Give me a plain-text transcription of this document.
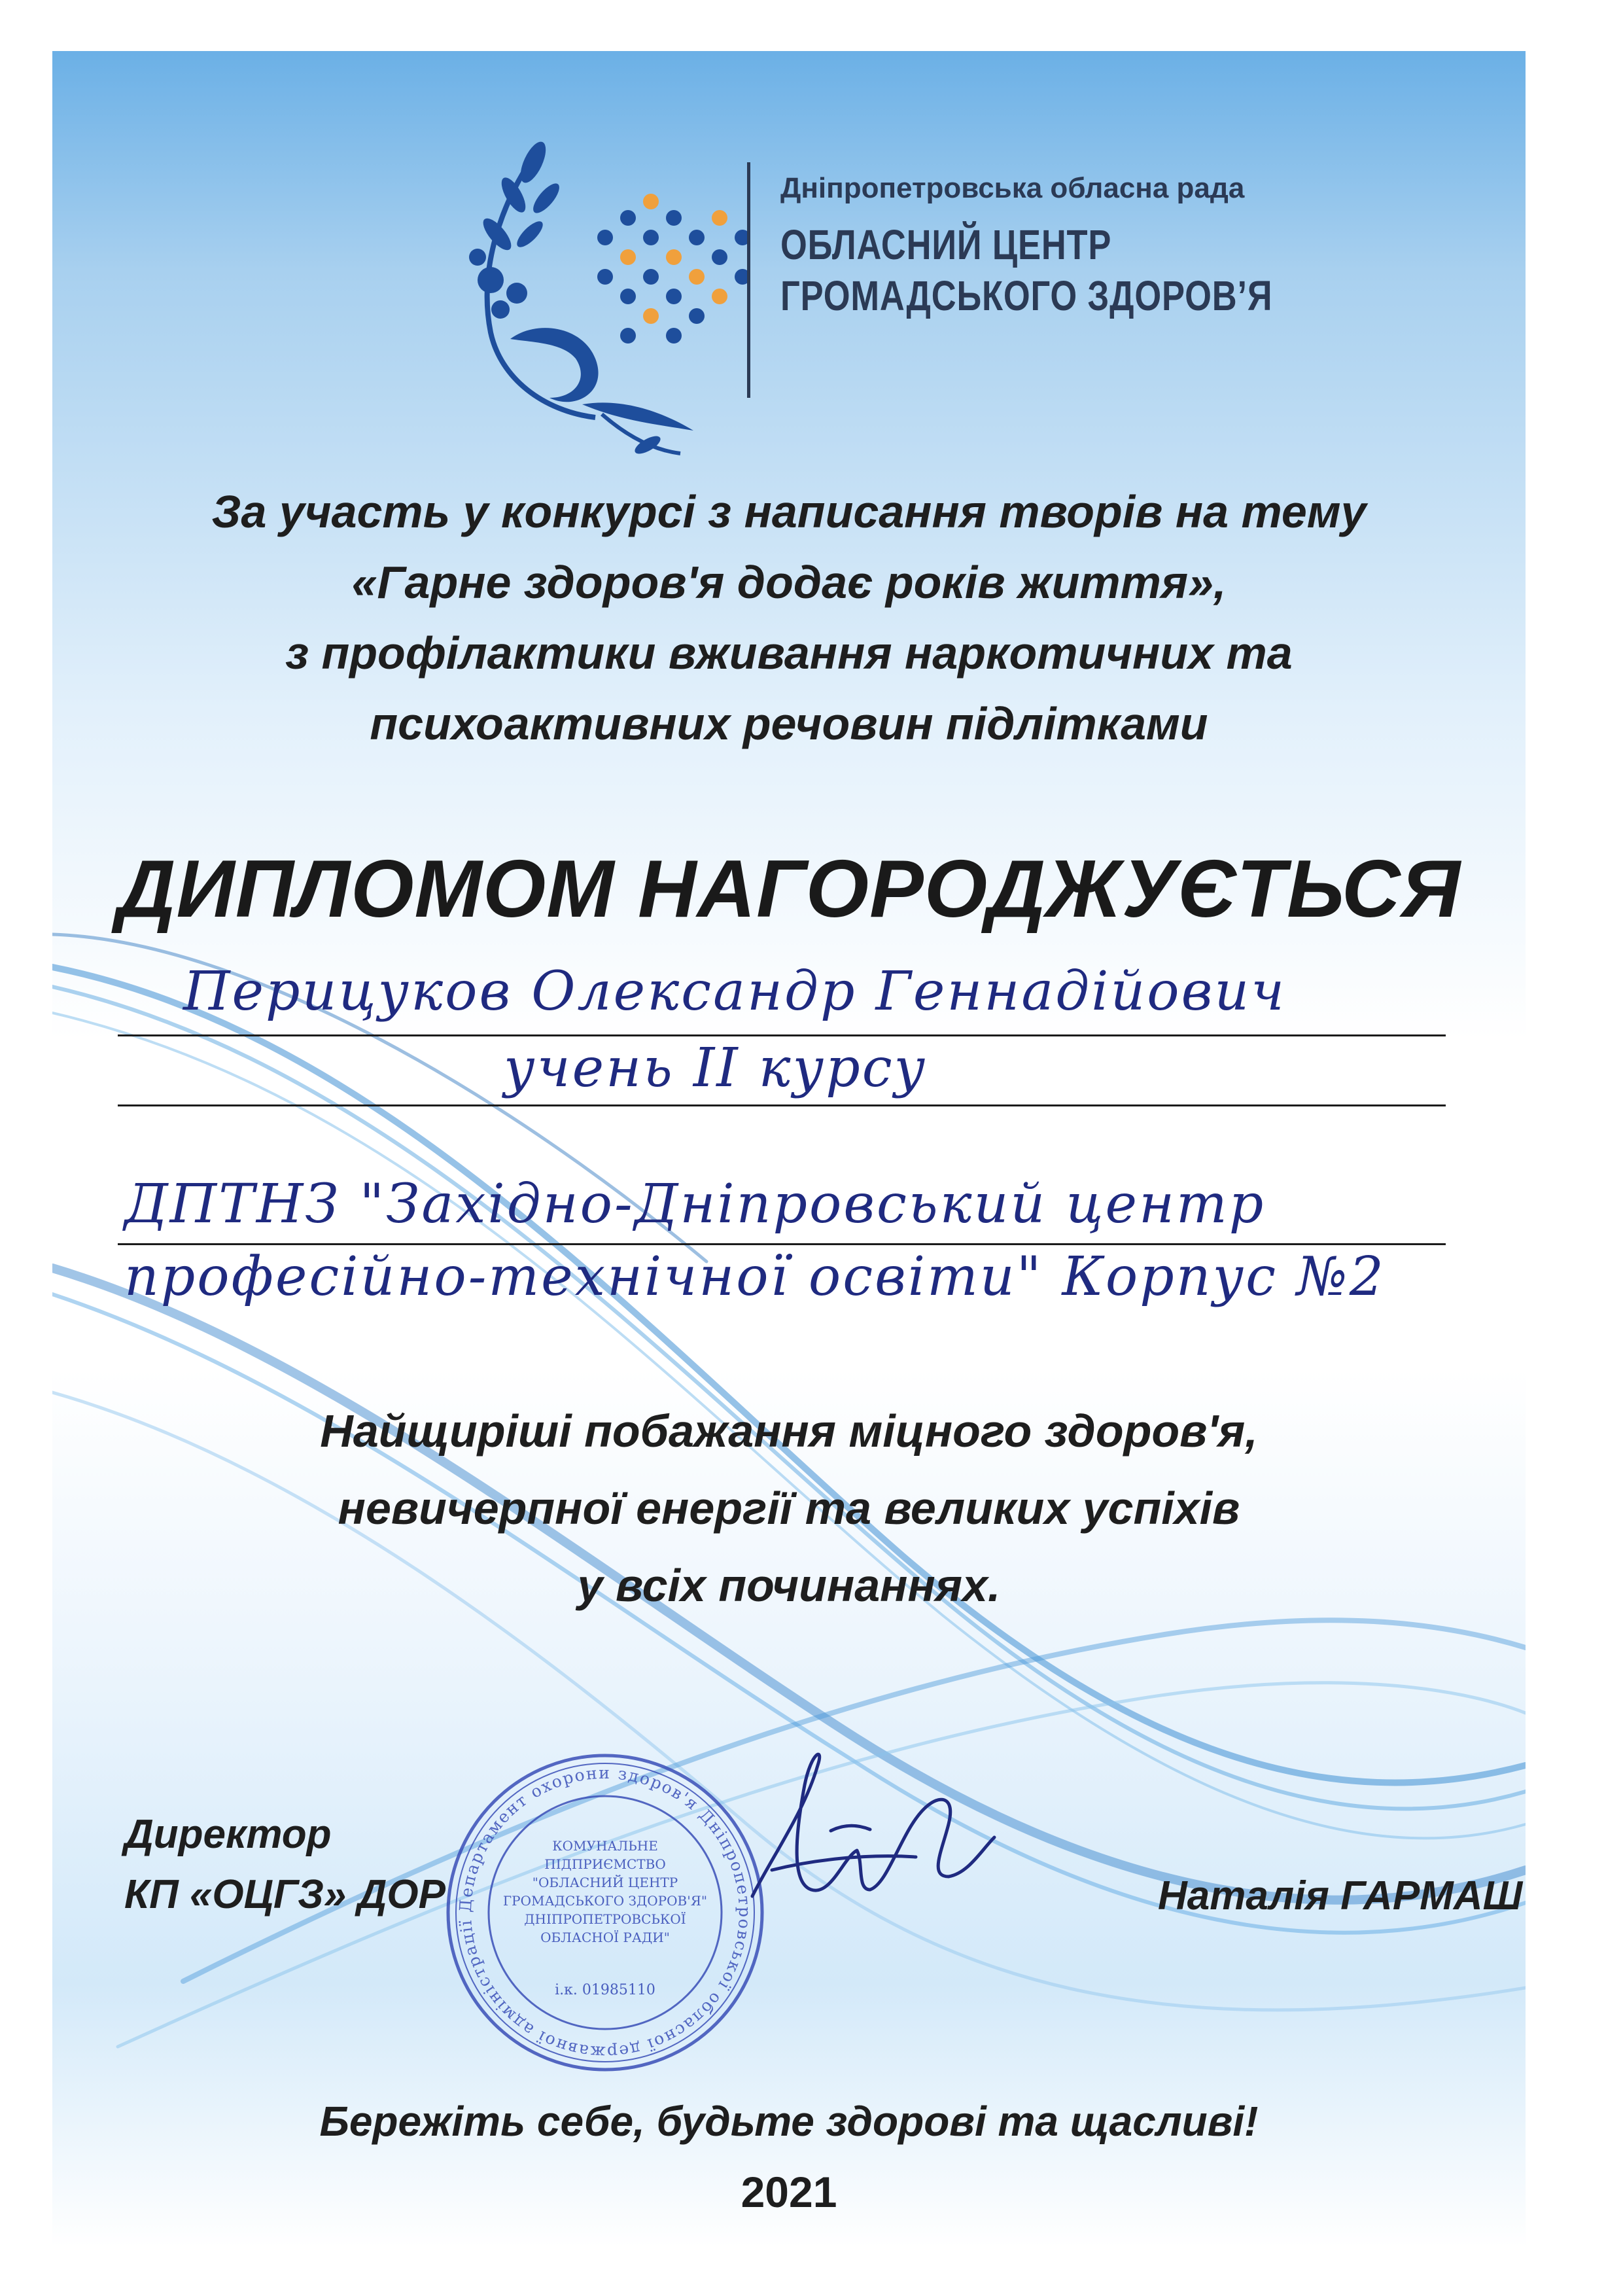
Дніпропетровська обласна рада
ОБЛАСНИЙ ЦЕНТР
ГРОМАДСЬКОГО ЗДОРОВ’Я
За участь у конкурсі з написання творів на тему
«Гарне здоров'я додає років життя»,
з профілактики вживання наркотичних та
психоактивних речовин підлітками
ДИПЛОМОМ НАГОРОДЖУЄТЬСЯ
Перицуков Олександр Геннадійович
учень II курсу
ДПТНЗ "Західно-Дніпровський центр
професійно-технічної освіти" Корпус №2
Найщиріші побажання міцного здоров'я,
невичерпної енергії та великих успіхів
у всіх починаннях.
Директор
КП «ОЦГЗ» ДОР	Наталія ГАРМАШ
Департамент охорони здоров'я Дніпропетровської обласної державної адміністрації
КОМУНАЛЬНЕ
ПІДПРИЄМСТВО
"ОБЛАСНИЙ ЦЕНТР
ГРОМАДСЬКОГО ЗДОРОВ'Я"
ДНІПРОПЕТРОВСЬКОЇ
ОБЛАСНОЇ РАДИ"
і.к. 01985110
Бережіть себе, будьте здорові та щасливі!
2021
